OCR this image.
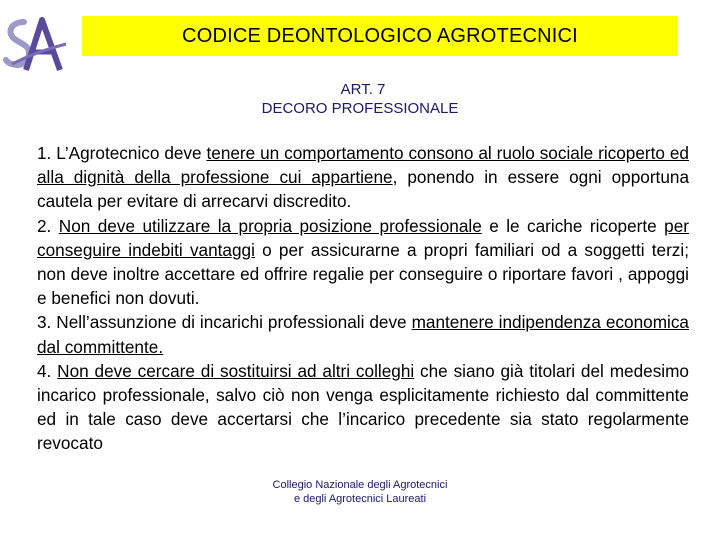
CODICE DEONTOLOGICO AGROTECNICI
ART. 7
DECORO PROFESSIONALE

1. L’Agrotecnico deve tenere un comportamento consono al ruolo sociale ricoperto ed alla dignità della professione cui appartiene, ponendo in essere ogni opportuna cautela per evitare di arrecarvi discredito.

2. Non deve utilizzare la propria posizione professionale e le cariche ricoperte per conseguire indebiti vantaggi o per assicurarne a propri familiari od a soggetti terzi; non deve inoltre accettare ed offrire regalie per conseguire o riportare favori , appoggi e benefici non dovuti.

3. Nell’assunzione di incarichi professionali deve mantenere indipendenza economica dal committente.

4. Non deve cercare di sostituirsi ad altri colleghi che siano già titolari del medesimo incarico professionale, salvo ciò non venga esplicitamente richiesto dal committente ed in tale caso deve accertarsi che l’incarico precedente sia stato regolarmente revocato

Collegio Nazionale degli Agrotecnici
e degli Agrotecnici Laureati
